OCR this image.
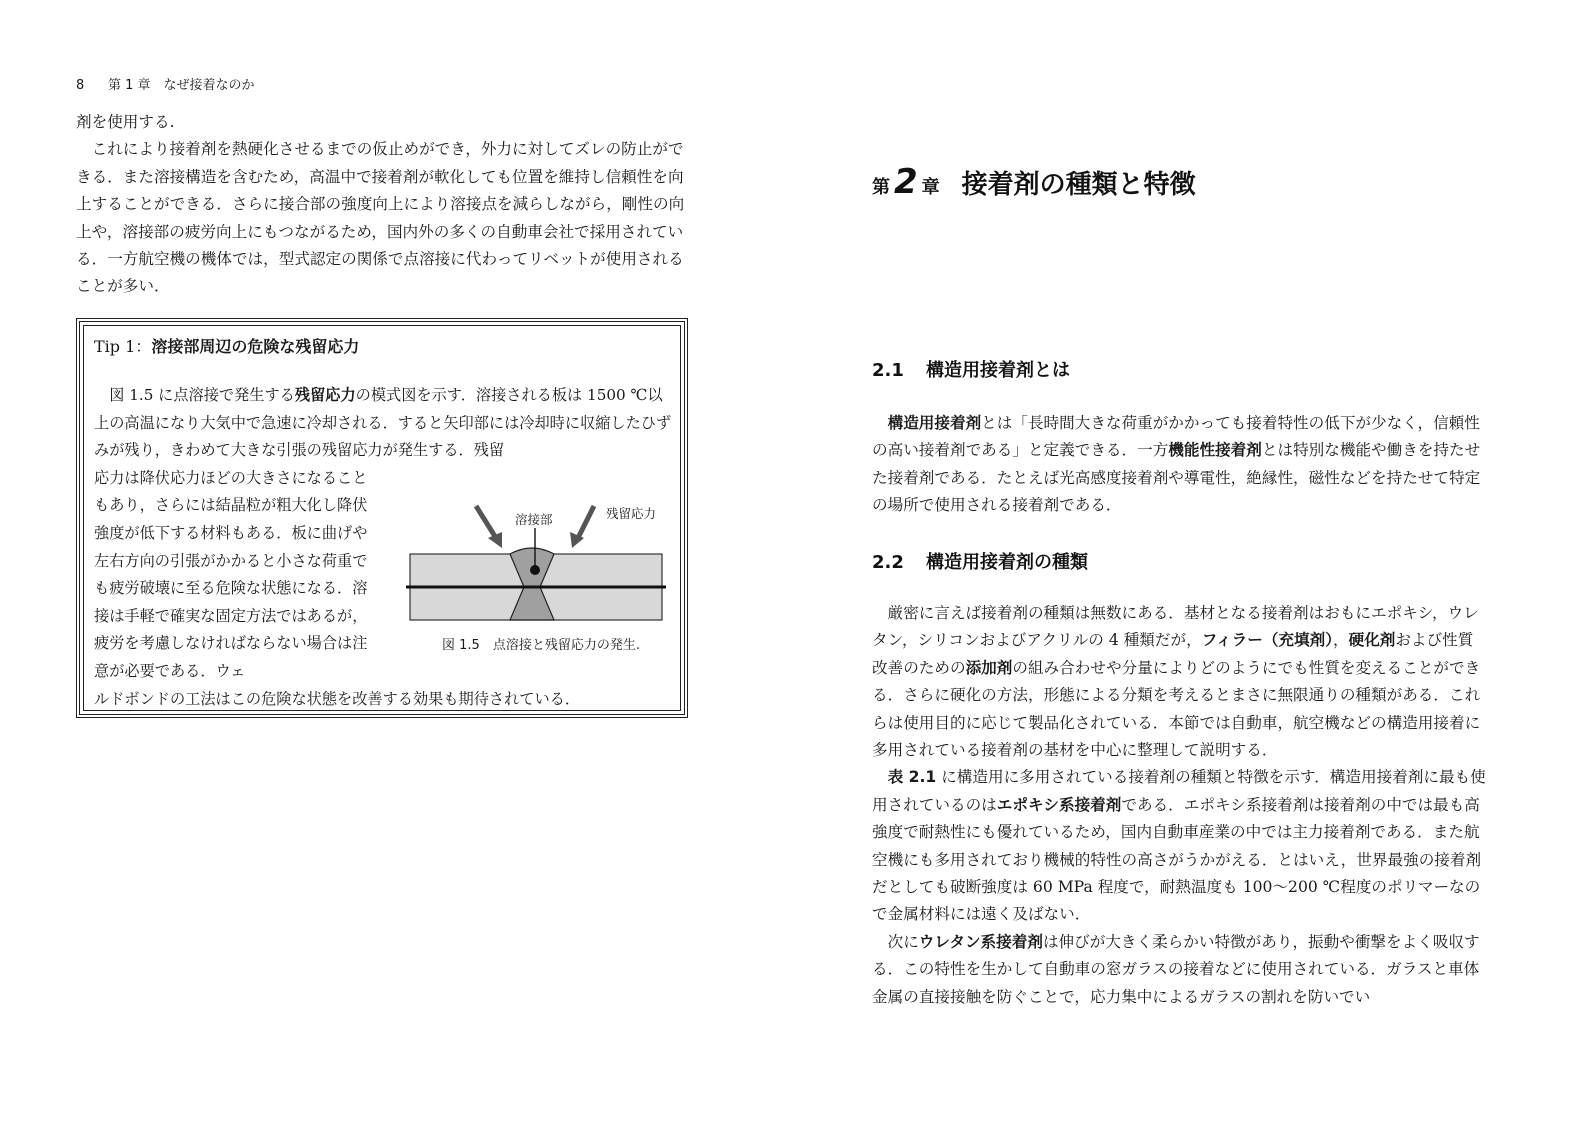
8 第 1 章　なぜ接着なのか

剤を使用する.

これにより接着剤を熱硬化させるまでの仮止めができ，外力に対してズレの防止ができる．また溶接構造を含むため，高温中で接着剤が軟化しても位置を維持し信頼性を向上することができる．さらに接合部の強度向上により溶接点を減らしながら，剛性の向上や，溶接部の疲労向上にもつながるため，国内外の多くの自動車会社で採用されている．一方航空機の機体では，型式認定の関係で点溶接に代わってリベットが使用されることが多い．

Tip 1：溶接部周辺の危険な残留応力

図 1.5 に点溶接で発生する残留応力の模式図を示す．溶接される板は 1500 ℃以上の高温になり大気中で急速に冷却される．すると矢印部には冷却時に収縮したひずみが残り，きわめて大きな引張の残留応力が発生する．残留

応力は降伏応力ほどの大きさになることもあり，さらには結晶粒が粗大化し降伏強度が低下する材料もある．板に曲げや左右方向の引張がかかると小さな荷重でも疲労破壊に至る危険な状態になる．溶接は手軽で確実な固定方法ではあるが，疲労を考慮しなければならない場合は注意が必要である．ウェ

ルドボンドの工法はこの危険な状態を改善する効果も期待されている．

溶接部	残留応力
図 1.5　点溶接と残留応力の発生.
第 2 章 接着剤の種類と特徴
2.1 構造用接着剤とは

構造用接着剤とは「長時間大きな荷重がかかっても接着特性の低下が少なく，信頼性の高い接着剤である」と定義できる．一方機能性接着剤とは特別な機能や働きを持たせた接着剤である．たとえば光高感度接着剤や導電性，絶縁性，磁性などを持たせて特定の場所で使用される接着剤である．

2.2 構造用接着剤の種類

厳密に言えば接着剤の種類は無数にある．基材となる接着剤はおもにエポキシ，ウレタン，シリコンおよびアクリルの 4 種類だが，フィラー（充填剤），硬化剤および性質改善のための添加剤の組み合わせや分量によりどのようにでも性質を変えることができる．さらに硬化の方法，形態による分類を考えるとまさに無限通りの種類がある．これらは使用目的に応じて製品化されている．本節では自動車，航空機などの構造用接着に多用されている接着剤の基材を中心に整理して説明する．

表 2.1 に構造用に多用されている接着剤の種類と特徴を示す．構造用接着剤に最も使用されているのはエポキシ系接着剤である．エポキシ系接着剤は接着剤の中では最も高強度で耐熱性にも優れているため，国内自動車産業の中では主力接着剤である．また航空機にも多用されており機械的特性の高さがうかがえる．とはいえ，世界最強の接着剤だとしても破断強度は 60 MPa 程度で，耐熱温度も 100～200 ℃程度のポリマーなので金属材料には遠く及ばない．

次にウレタン系接着剤は伸びが大きく柔らかい特徴があり，振動や衝撃をよく吸収する．この特性を生かして自動車の窓ガラスの接着などに使用されている．ガラスと車体金属の直接接触を防ぐことで，応力集中によるガラスの割れを防いでい
